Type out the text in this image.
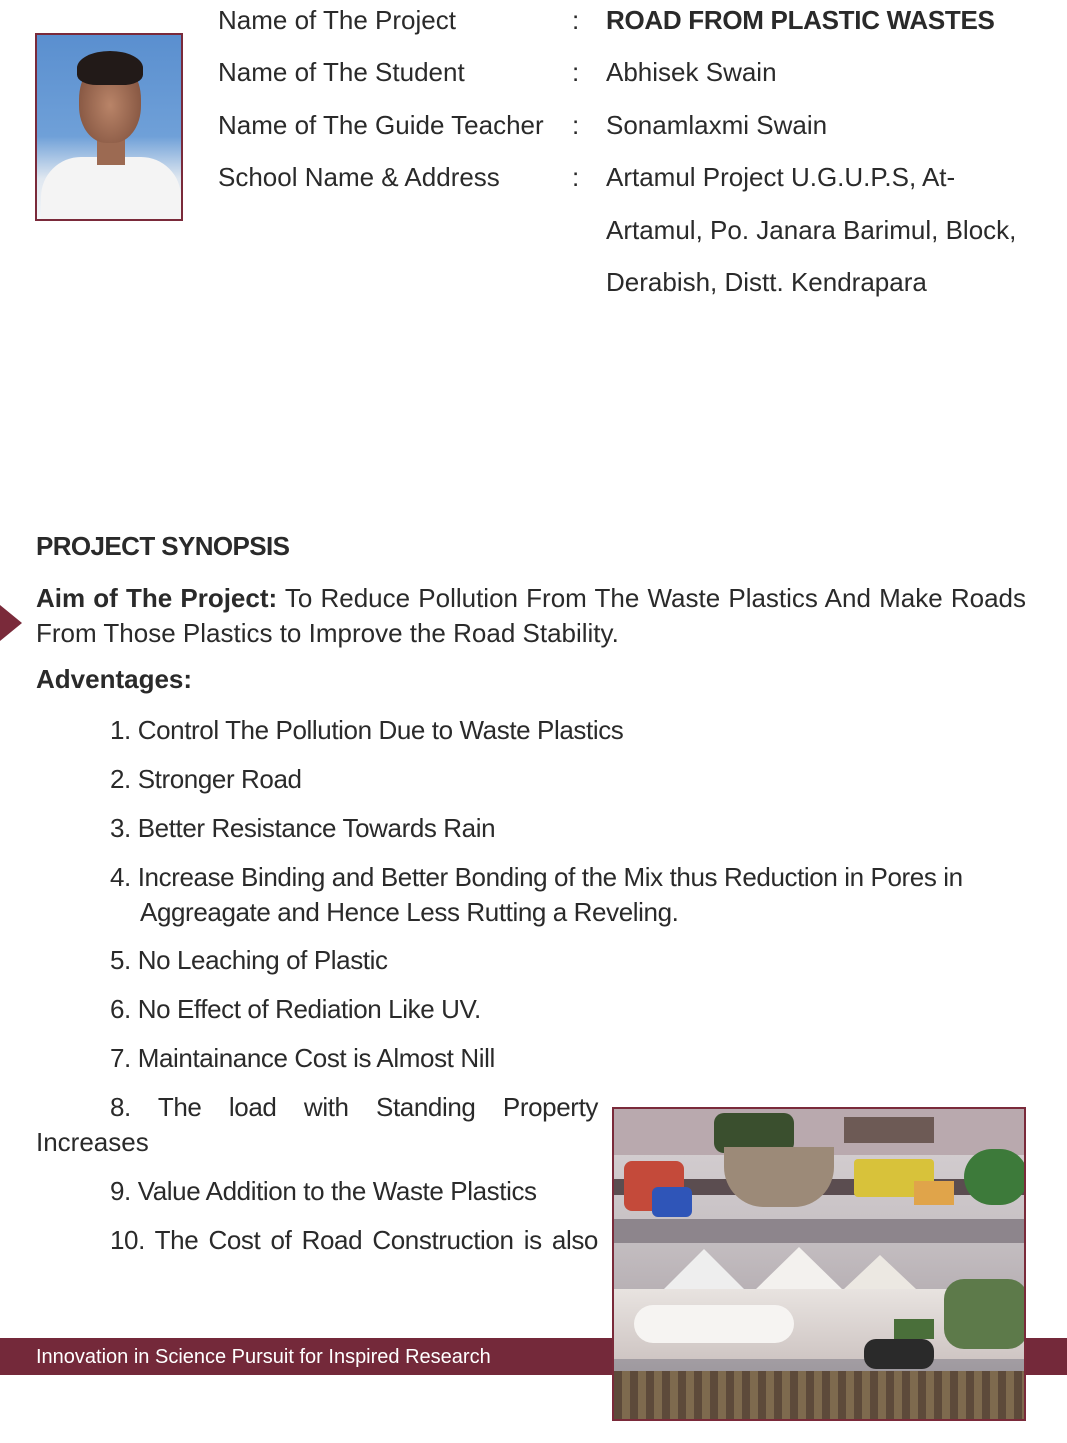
Name of The Project	: ROAD FROM PLASTIC WASTES
Name of The Student	: Abhisek Swain
Name of The Guide Teacher : Sonamlaxmi Swain
School Name & Address	: Artamul Project U.G.U.P.S, At-
Artamul, Po. Janara Barimul, Block,
Derabish, Distt. Kendrapara
PROJECT SYNOPSIS
Aim of The Project: To Reduce Pollution From The Waste Plastics And Make Roads From Those Plastics to Improve the Road Stability.
Adventages:
1. Control The Pollution Due to Waste Plastics
2. Stronger Road
3. Better Resistance Towards Rain
4. Increase Binding and Better Bonding of the Mix thus Reduction in Pores in
Aggreagate and Hence Less Rutting a Reveling.
5. No Leaching of Plastic
6. No Effect of Rediation Like UV.
7. Maintainance Cost is Almost Nill
8. The load with Standing Property
Increases
9. Value Addition to the Waste Plastics
10. The Cost of Road Construction is also
Innovation in Science Pursuit for Inspired Research
